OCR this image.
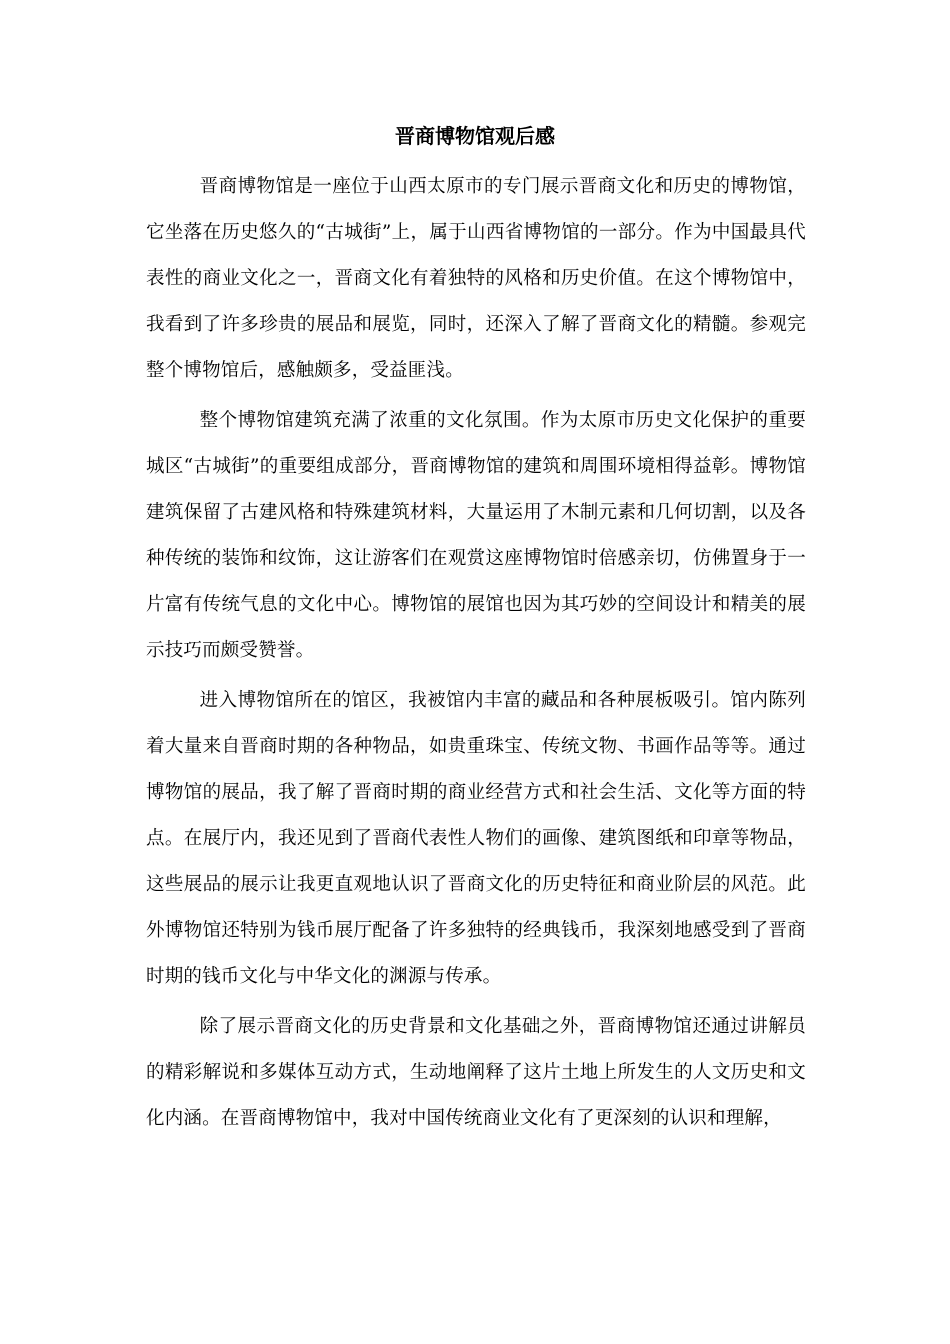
晋商博物馆观后感

晋商博物馆是一座位于山西太原市的专门展示晋商文化和历史的博物馆，它坐落在历史悠久的“古城街”上，属于山西省博物馆的一部分。作为中国最具代表性的商业文化之一，晋商文化有着独特的风格和历史价值。在这个博物馆中，我看到了许多珍贵的展品和展览，同时，还深入了解了晋商文化的精髓。参观完整个博物馆后，感触颇多，受益匪浅。

整个博物馆建筑充满了浓重的文化氛围。作为太原市历史文化保护的重要城区“古城街”的重要组成部分，晋商博物馆的建筑和周围环境相得益彰。博物馆建筑保留了古建风格和特殊建筑材料，大量运用了木制元素和几何切割，以及各种传统的装饰和纹饰，这让游客们在观赏这座博物馆时倍感亲切，仿佛置身于一片富有传统气息的文化中心。博物馆的展馆也因为其巧妙的空间设计和精美的展示技巧而颇受赞誉。

进入博物馆所在的馆区，我被馆内丰富的藏品和各种展板吸引。馆内陈列着大量来自晋商时期的各种物品，如贵重珠宝、传统文物、书画作品等等。通过博物馆的展品，我了解了晋商时期的商业经营方式和社会生活、文化等方面的特点。在展厅内，我还见到了晋商代表性人物们的画像、建筑图纸和印章等物品，这些展品的展示让我更直观地认识了晋商文化的历史特征和商业阶层的风范。此外博物馆还特别为钱币展厅配备了许多独特的经典钱币，我深刻地感受到了晋商时期的钱币文化与中华文化的渊源与传承。

除了展示晋商文化的历史背景和文化基础之外，晋商博物馆还通过讲解员的精彩解说和多媒体互动方式，生动地阐释了这片土地上所发生的人文历史和文化内涵。在晋商博物馆中，我对中国传统商业文化有了更深刻的认识和理解，
